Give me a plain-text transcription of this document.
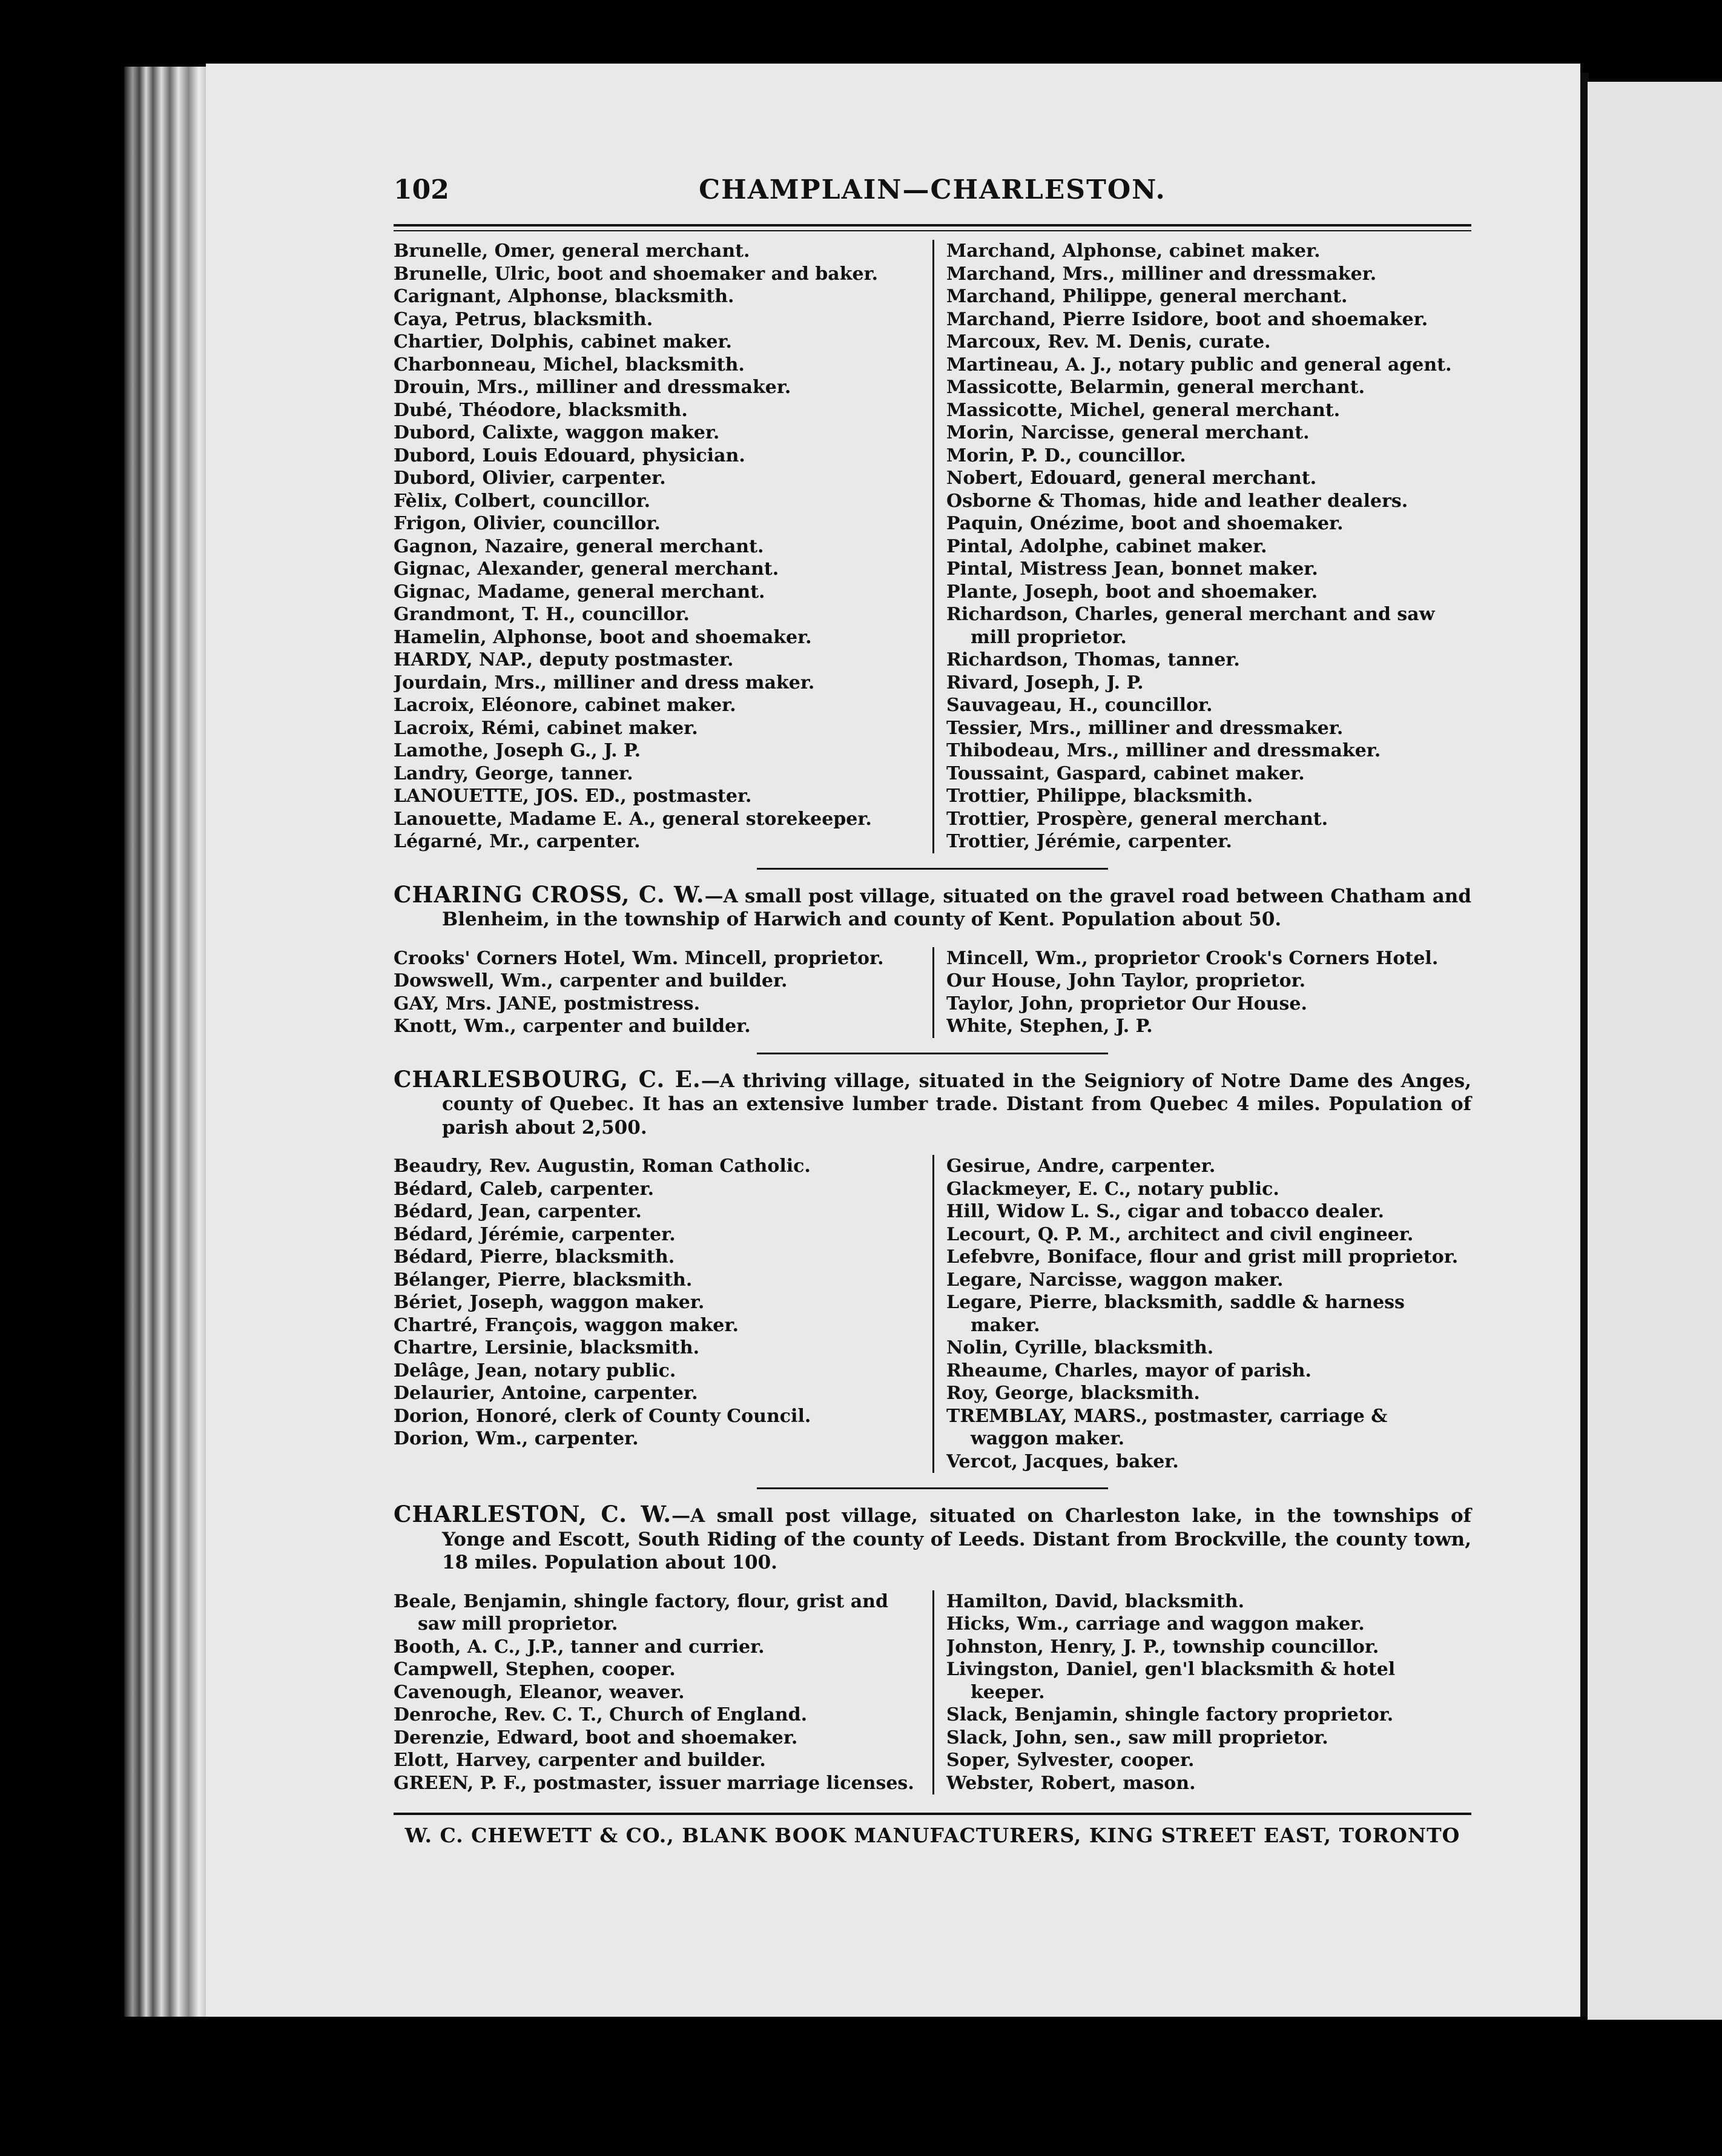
102	CHAMPLAIN—CHARLESTON.
Brunelle, Omer, general merchant.
Brunelle, Ulric, boot and shoemaker and baker.
Carignant, Alphonse, blacksmith.
Caya, Petrus, blacksmith.
Chartier, Dolphis, cabinet maker.
Charbonneau, Michel, blacksmith.
Drouin, Mrs., milliner and dressmaker.
Dubé, Théodore, blacksmith.
Dubord, Calixte, waggon maker.
Dubord, Louis Edouard, physician.
Dubord, Olivier, carpenter.
Fèlix, Colbert, councillor.
Frigon, Olivier, councillor.
Gagnon, Nazaire, general merchant.
Gignac, Alexander, general merchant.
Gignac, Madame, general merchant.
Grandmont, T. H., councillor.
Hamelin, Alphonse, boot and shoemaker.
HARDY, NAP., deputy postmaster.
Jourdain, Mrs., milliner and dress maker.
Lacroix, Eléonore, cabinet maker.
Lacroix, Rémi, cabinet maker.
Lamothe, Joseph G., J. P.
Landry, George, tanner.
LANOUETTE, JOS. ED., postmaster.
Lanouette, Madame E. A., general storekeeper.
Légarné, Mr., carpenter.
Marchand, Alphonse, cabinet maker.
Marchand, Mrs., milliner and dressmaker.
Marchand, Philippe, general merchant.
Marchand, Pierre Isidore, boot and shoemaker.
Marcoux, Rev. M. Denis, curate.
Martineau, A. J., notary public and general agent.
Massicotte, Belarmin, general merchant.
Massicotte, Michel, general merchant.
Morin, Narcisse, general merchant.
Morin, P. D., councillor.
Nobert, Edouard, general merchant.
Osborne & Thomas, hide and leather dealers.
Paquin, Onézime, boot and shoemaker.
Pintal, Adolphe, cabinet maker.
Pintal, Mistress Jean, bonnet maker.
Plante, Joseph, boot and shoemaker.
Richardson, Charles, general merchant and saw mill proprietor.
Richardson, Thomas, tanner.
Rivard, Joseph, J. P.
Sauvageau, H., councillor.
Tessier, Mrs., milliner and dressmaker.
Thibodeau, Mrs., milliner and dressmaker.
Toussaint, Gaspard, cabinet maker.
Trottier, Philippe, blacksmith.
Trottier, Prospère, general merchant.
Trottier, Jérémie, carpenter.
CHARING CROSS, C. W.—A small post village, situated on the gravel road between Chatham and Blenheim, in the township of Harwich and county of Kent. Population about 50.
Crooks' Corners Hotel, Wm. Mincell, proprietor.
Dowswell, Wm., carpenter and builder.
GAY, Mrs. JANE, postmistress.
Knott, Wm., carpenter and builder.
Mincell, Wm., proprietor Crook's Corners Hotel.
Our House, John Taylor, proprietor.
Taylor, John, proprietor Our House.
White, Stephen, J. P.
CHARLESBOURG, C. E.—A thriving village, situated in the Seigniory of Notre Dame des Anges, county of Quebec. It has an extensive lumber trade. Distant from Quebec 4 miles. Population of parish about 2,500.
Beaudry, Rev. Augustin, Roman Catholic.
Bédard, Caleb, carpenter.
Bédard, Jean, carpenter.
Bédard, Jérémie, carpenter.
Bédard, Pierre, blacksmith.
Bélanger, Pierre, blacksmith.
Bériet, Joseph, waggon maker.
Chartré, François, waggon maker.
Chartre, Lersinie, blacksmith.
Delâge, Jean, notary public.
Delaurier, Antoine, carpenter.
Dorion, Honoré, clerk of County Council.
Dorion, Wm., carpenter.
Gesirue, Andre, carpenter.
Glackmeyer, E. C., notary public.
Hill, Widow L. S., cigar and tobacco dealer.
Lecourt, Q. P. M., architect and civil engineer.
Lefebvre, Boniface, flour and grist mill proprietor.
Legare, Narcisse, waggon maker.
Legare, Pierre, blacksmith, saddle & harness maker.
Nolin, Cyrille, blacksmith.
Rheaume, Charles, mayor of parish.
Roy, George, blacksmith.
TREMBLAY, MARS., postmaster, carriage & waggon maker.
Vercot, Jacques, baker.
CHARLESTON, C. W.—A small post village, situated on Charleston lake, in the townships of Yonge and Escott, South Riding of the county of Leeds. Distant from Brockville, the county town, 18 miles. Population about 100.
Beale, Benjamin, shingle factory, flour, grist and saw mill proprietor.
Booth, A. C., J.P., tanner and currier.
Campwell, Stephen, cooper.
Cavenough, Eleanor, weaver.
Denroche, Rev. C. T., Church of England.
Derenzie, Edward, boot and shoemaker.
Elott, Harvey, carpenter and builder.
GREEN, P. F., postmaster, issuer marriage licenses.
Hamilton, David, blacksmith.
Hicks, Wm., carriage and waggon maker.
Johnston, Henry, J. P., township councillor.
Livingston, Daniel, gen'l blacksmith & hotel keeper.
Slack, Benjamin, shingle factory proprietor.
Slack, John, sen., saw mill proprietor.
Soper, Sylvester, cooper.
Webster, Robert, mason.
W. C. CHEWETT & CO., BLANK BOOK MANUFACTURERS, KING STREET EAST, TORONTO
